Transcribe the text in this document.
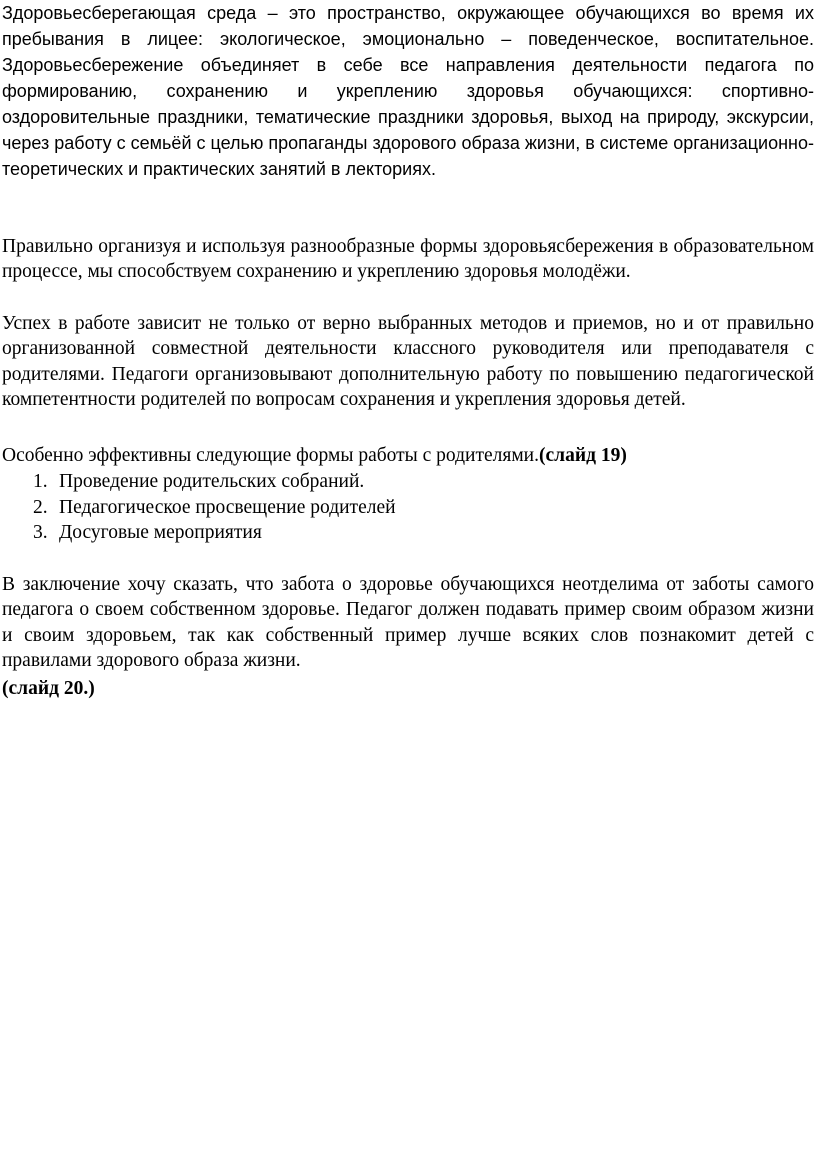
Здоровьесберегающая среда – это пространство, окружающее обучающихся во время их пребывания в лицее: экологическое, эмоционально – поведенческое, воспитательное. Здоровьесбережение объединяет в себе все направления деятельности педагога по формированию, сохранению и укреплению здоровья обучающихся: спортивно- оздоровительные праздники, тематические праздники здоровья, выход на природу, экскурсии, через работу с семьёй с целью пропаганды здорового образа жизни, в системе организационно- теоретических и практических занятий в лекториях.

Правильно организуя и используя разнообразные формы здоровьясбережения в образовательном процессе, мы способствуем сохранению и укреплению здоровья молодёжи.

Успех в работе зависит не только от верно выбранных методов и приемов, но и от правильно организованной совместной деятельности классного руководителя или преподавателя с родителями. Педагоги организовывают дополнительную работу по повышению педагогической компетентности родителей по вопросам сохранения и укрепления здоровья детей.

Особенно эффективны следующие формы работы с родителями.(слайд 19)

1. Проведение родительских собраний.
2. Педагогическое просвещение родителей
3. Досуговые мероприятия

В заключение хочу сказать, что забота о здоровье обучающихся неотделима от заботы самого педагога о своем собственном здоровье. Педагог должен подавать пример своим образом жизни и своим здоровьем, так как собственный пример лучше всяких слов познакомит детей с правилами здорового образа жизни.

(слайд 20.)
